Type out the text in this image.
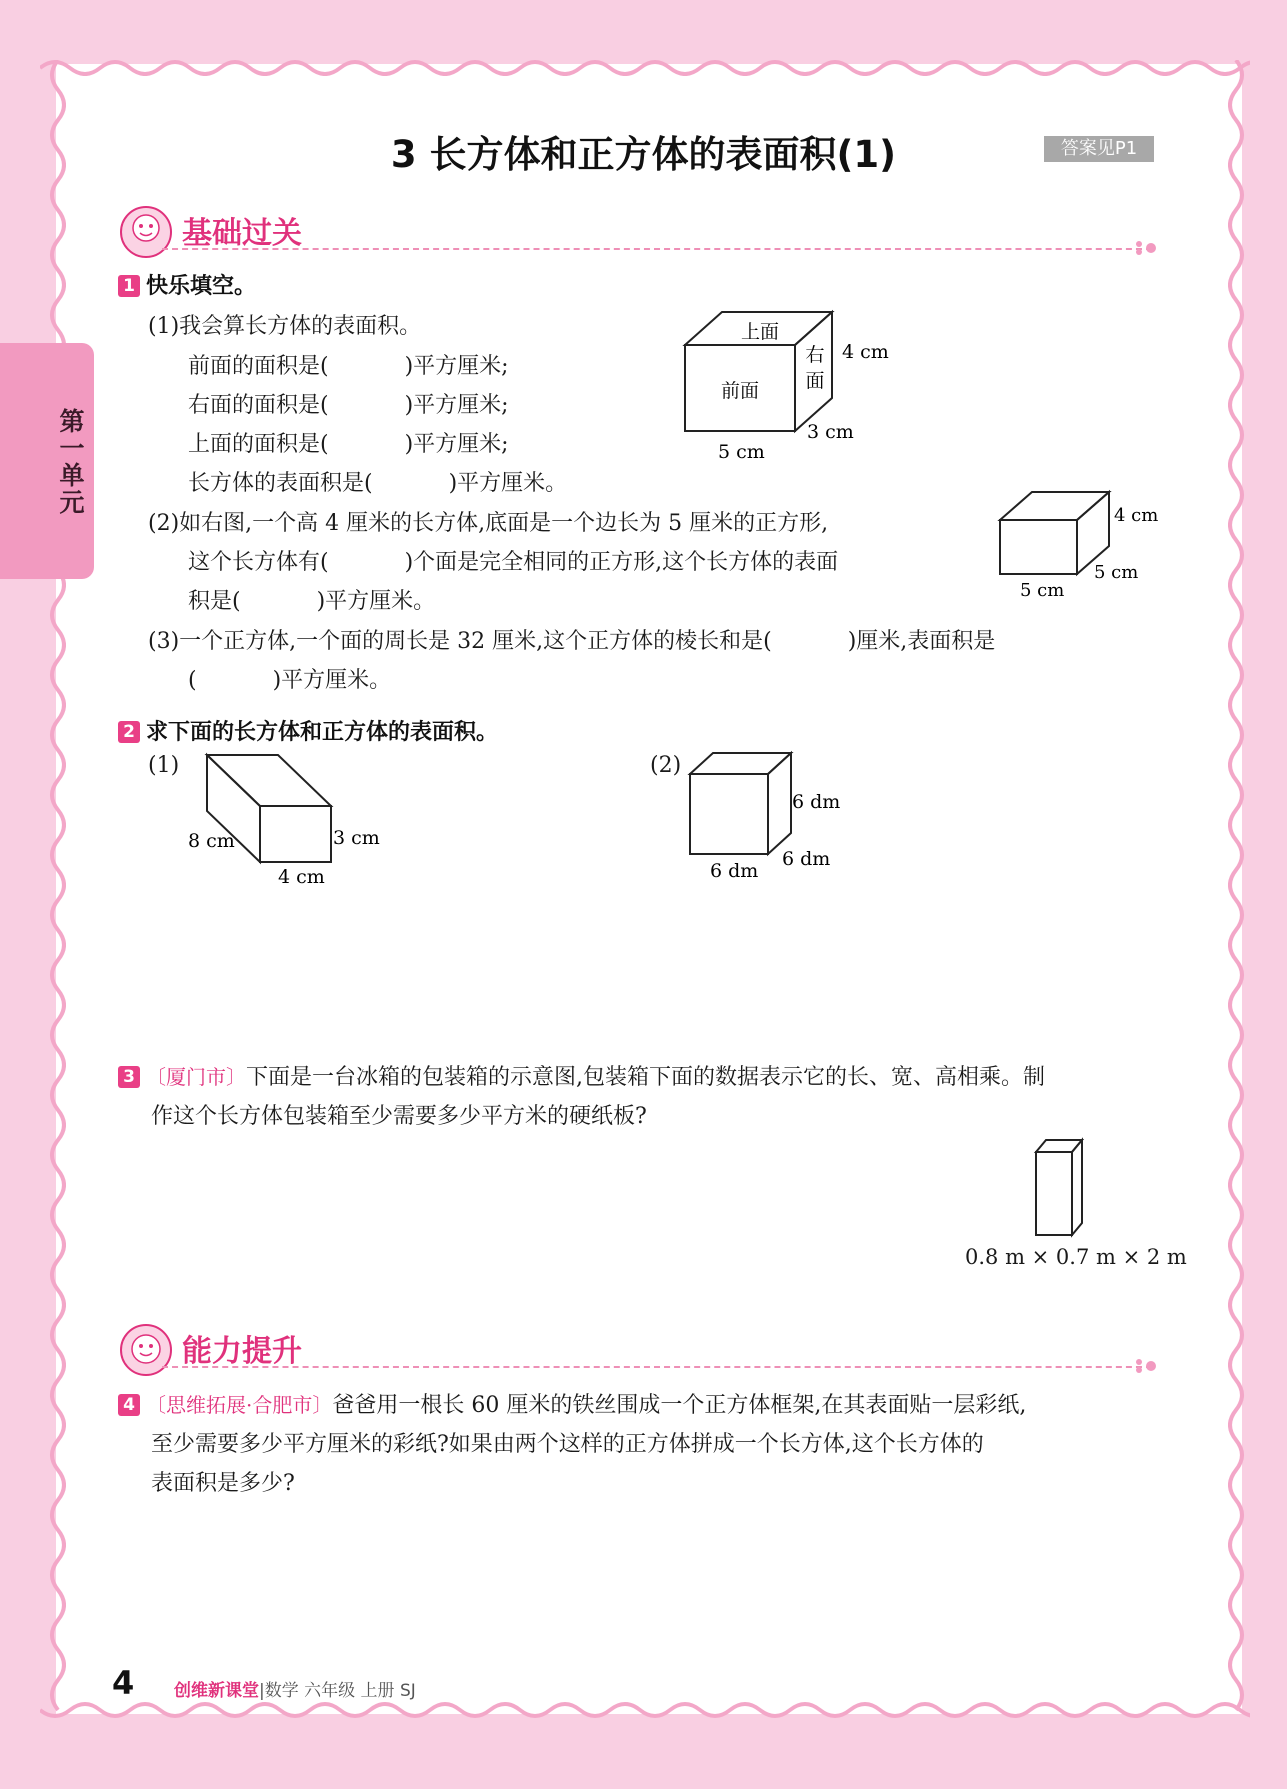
第一单元
3 长方体和正方体的表面积(1)	答案见P1
基础过关
1 快乐填空。
(1)我会算长方体的表面积。
前面的面积是(	)平方厘米;
右面的面积是(	)平方厘米;
上面的面积是(	)平方厘米;
长方体的表面积是(	)平方厘米。
上面
前面
右
面
4 cm
3 cm
5 cm
(2)如右图,一个高 4 厘米的长方体,底面是一个边长为 5 厘米的正方形,
这个长方体有(	)个面是完全相同的正方形,这个长方体的表面
积是(	)平方厘米。
4 cm
5 cm
5 cm
(3)一个正方体,一个面的周长是 32 厘米,这个正方体的棱长和是(	)厘米,表面积是
(	)平方厘米。
2 求下面的长方体和正方体的表面积。
(1)
8 cm	3 cm
4 cm
(2)
6 dm
6 dm
6 dm
3 〔厦门市〕下面是一台冰箱的包装箱的示意图,包装箱下面的数据表示它的长、宽、高相乘。制
作这个长方体包装箱至少需要多少平方米的硬纸板?
0.8 m × 0.7 m × 2 m
能力提升
4 〔思维拓展·合肥市〕爸爸用一根长 60 厘米的铁丝围成一个正方体框架,在其表面贴一层彩纸,
至少需要多少平方厘米的彩纸?如果由两个这样的正方体拼成一个长方体,这个长方体的
表面积是多少?
4 创维新课堂|数学 六年级 上册 SJ
